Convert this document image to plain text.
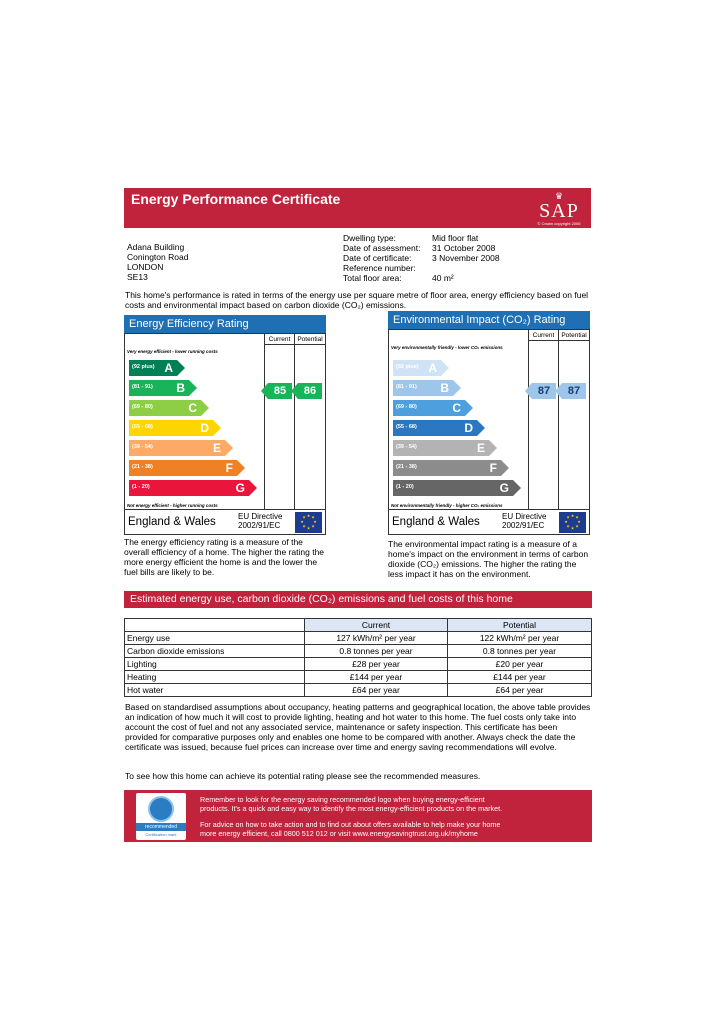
Energy Performance Certificate	♛
SAP
© Crown copyright 2005
Adana Building
Conington Road
LONDON
SE13
Dwelling type:	Mid floor flat
Date of assessment:	31 October 2008
Date of certificate:	3 November 2008
Reference number:
Total floor area:	40 m²
This home's performance is rated in terms of the energy use per square metre of floor area, energy efficiency based on fuel costs and environmental impact based on carbon dioxide (CO₂) emissions.
Energy Efficiency Rating
Current	Potential
Very energy efficient - lower running costs
(92 plus) A
(81 - 91) B
(69 - 80)	C
(55 - 68)	D
(39 - 54)	E
(21 - 38)	F
(1 - 20)	G
85	86
Not energy efficient - higher running costs
England & Wales	EU Directive
2002/91/EC
★ ★
★
★
★
★
★
★
The energy efficiency rating is a measure of the overall efficiency of a home. The higher the rating the more energy efficient the home is and the lower the fuel bills are likely to be.
Environmental Impact (CO₂) Rating
Current	Potential
Very environmentally friendly - lower CO₂ emissions
(92 plus) A
(81 - 91) B
(69 - 80)	C
(55 - 68)	D
(39 - 54)	E
(21 - 38)	F
(1 - 20)	G
87	87
Not environmentally friendly - higher CO₂ emissions
England & Wales	EU Directive
2002/91/EC
★ ★
★
★
★
★
★
★
The environmental impact rating is a measure of a home's impact on the environment in terms of carbon dioxide (CO₂) emissions. The higher the rating the less impact it has on the environment.
Estimated energy use, carbon dioxide (CO₂) emissions and fuel costs of this home
	Current	Potential
Energy use	127 kWh/m² per year	122 kWh/m² per year
Carbon dioxide emissions	0.8 tonnes per year	0.8 tonnes per year
Lighting	£28 per year	£20 per year
Heating	£144 per year	£144 per year
Hot water	£64 per year	£64 per year
Based on standardised assumptions about occupancy, heating patterns and geographical location, the above table provides an indication of how much it will cost to provide lighting, heating and hot water to this home. The fuel costs only take into account the cost of fuel and not any associated service, maintenance or safety inspection. This certificate has been provided for comparative purposes only and enables one home to be compared with another. Always check the date the certificate was issued, because fuel prices can increase over time and energy saving recommendations will evolve.
To see how this home can achieve its potential rating please see the recommended measures.
recommended
Certification mark
Remember to look for the energy saving recommended logo when buying energy-efficient
products. It's a quick and easy way to identify the most energy-efficient products on the market.
For advice on how to take action and to find out about offers available to help make your home
more energy efficient, call 0800 512 012 or visit www.energysavingtrust.org.uk/myhome
